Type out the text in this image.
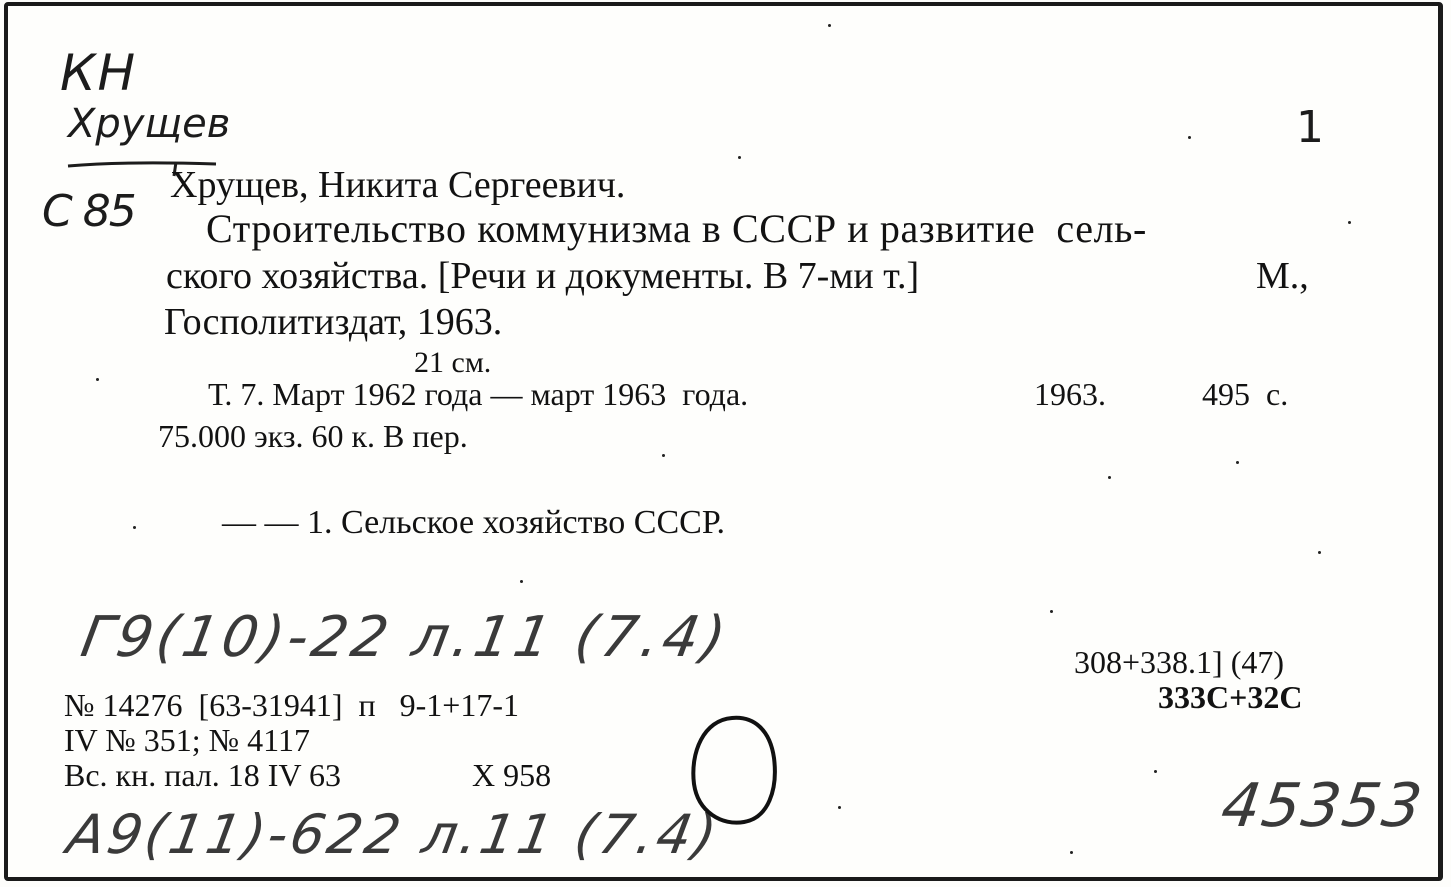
КН
Хрущев
С 85
1
Хрущев, Никита Сергеевич.
Строительство коммунизма в СССР и развитие  сель-
ского хозяйства. [Речи и документы. В 7-ми т.]	М.,
Госполитиздат, 1963.
21 см.
Т. 7. Март 1962 года — март 1963  года.	1963.	495  с.
75.000 экз. 60 к. В пер.
— — 1. Сельское хозяйство СССР.
Г9(10)-22 л.11 (7.4)
А9(11)-622 л.11 (7.4)
№ 14276  [63-31941]  п   9-1+17-1
IV № 351; № 4117
Вс. кн. пал. 18 IV 63	Х 958
308+338.1] (47)
333С+32С
45353
